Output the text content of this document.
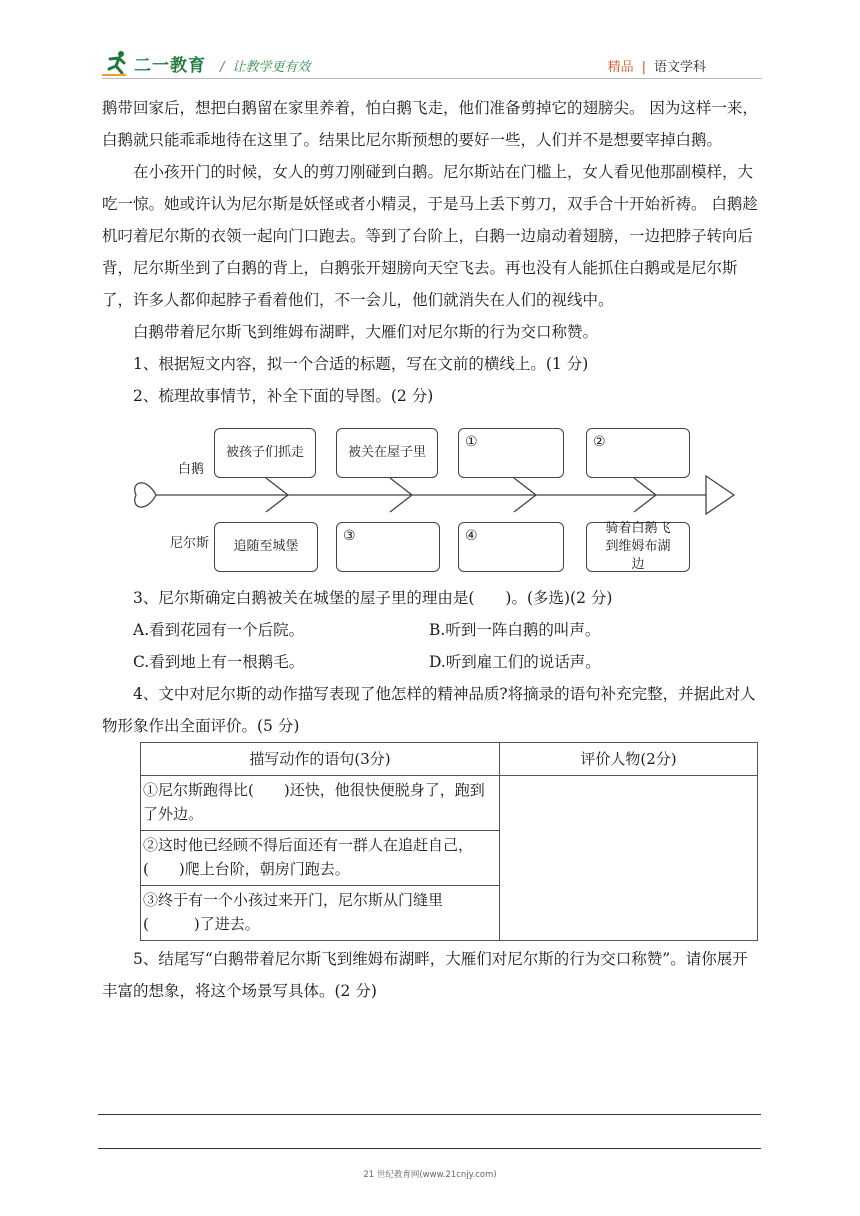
二一教育 / 让教学更有效	精品 | 语文学科

鹅带回家后，想把白鹅留在家里养着，怕白鹅飞走，他们准备剪掉它的翅膀尖。 因为这样一来，白鹅就只能乖乖地待在这里了。结果比尼尔斯预想的要好一些，人们并不是想要宰掉白鹅。

在小孩开门的时候，女人的剪刀刚碰到白鹅。尼尔斯站在门槛上，女人看见他那副模样，大吃一惊。她或许认为尼尔斯是妖怪或者小精灵，于是马上丢下剪刀，双手合十开始祈祷。 白鹅趁机叼着尼尔斯的衣领一起向门口跑去。等到了台阶上，白鹅一边扇动着翅膀，一边把脖子转向后背，尼尔斯坐到了白鹅的背上，白鹅张开翅膀向天空飞去。再也没有人能抓住白鹅或是尼尔斯了，许多人都仰起脖子看着他们，不一会儿，他们就消失在人们的视线中。

白鹅带着尼尔斯飞到维姆布湖畔，大雁们对尼尔斯的行为交口称赞。

1、根据短文内容，拟一个合适的标题，写在文前的横线上。(1 分)

2、梳理故事情节，补全下面的导图。(2 分)

白鹅
尼尔斯
被孩子们抓走	被关在屋子里
①	②
追随至城堡
③	④	骑着白鹅飞到维姆布湖边

3、尼尔斯确定白鹅被关在城堡的屋子里的理由是(　　)。(多选)(2 分)

A.看到花园有一个后院。	B.听到一阵白鹅的叫声。
C.看到地上有一根鹅毛。	D.听到雇工们的说话声。

4、文中对尼尔斯的动作描写表现了他怎样的精神品质?将摘录的语句补充完整，并据此对人物形象作出全面评价。(5 分)

描写动作的语句(3分)	评价人物(2分)
①尼尔斯跑得比(　　)还快，他很快便脱身了，跑到了外边。	
②这时他已经顾不得后面还有一群人在追赶自己，(　　)爬上台阶，朝房门跑去。	
③终于有一个小孩过来开门，尼尔斯从门缝里(　　　)了进去。	

5、结尾写“白鹅带着尼尔斯飞到维姆布湖畔，大雁们对尼尔斯的行为交口称赞”。请你展开丰富的想象，将这个场景写具体。(2 分)

21 世纪教育网(www.21cnjy.com)
